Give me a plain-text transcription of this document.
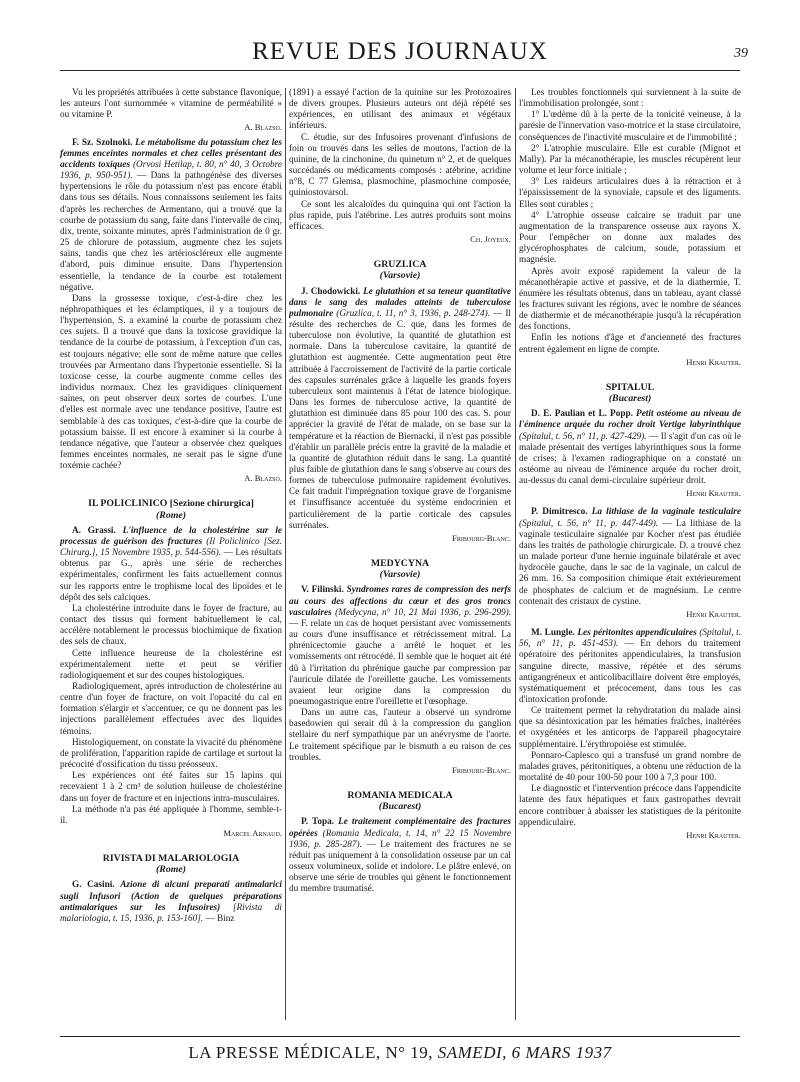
REVUE DES JOURNAUX	39

Vu les propriétés attribuées à cette substance flavonique, les auteurs l'ont surnommée « vitamine de perméabilité » ou vitamine P.

A. Blazso.

F. Sz. Szolnoki. Le métabolisme du potassium chez les femmes enceintes normales et chez celles présentant des accidents toxiques (Orvosi Hetilap, t. 80, n° 40, 3 Octobre 1936, p. 950-951). — Dans la pathogénèse des diverses hypertensions le rôle du potassium n'est pas encore établi dans tous ses détails. Nous connaissons seulement les faits d'après les recherches de Armentano, qui a trouvé que la courbe de potassium du sang, faite dans l'intervalle de cinq, dix, trente, soixante minutes, après l'administration de 0 gr. 25 de chlorure de potassium, augmente chez les sujets sains, tandis que chez les artérioscléreux elle augmente d'abord, puis diminue ensuite. Dans l'hypertension essentielle, la tendance de la courbe est totalement négative.

Dans la grossesse toxique, c'est-à-dire chez les néphropathiques et les éclamptiques, il y a toujours de l'hypertension, S. a examiné la courbe de potassium chez ces sujets. Il a trouvé que dans la toxicose gravidique la tendance de la courbe de potassium, à l'exception d'un cas, est toujours négative; elle sont de même nature que celles trouvées par Armentano dans l'hypertonie essentielle. Si la toxicose cesse, la courbe augmente comme celles des individus normaux. Chez les gravidiques cliniquement saines, on peut observer deux sortes de courbes. L'une d'elles est normale avec une tendance positive, l'autre est semblable à des cas toxiques, c'est-à-dire que la courbe de potassium baisse. Il est encore à examiner si la courbe à tendance négative, que l'auteur a observée chez quelques femmes enceintes normales, ne serait pas le signe d'une toxémie cachée?

A. Blazso.
IL POLICLINICO [Sezione chirurgica]
(Rome)

A. Grassi. L'influence de la cholestérine sur le processus de guérison des fractures (Il Policlinico [Sez. Chirurg.], 15 Novembre 1935, p. 544-556). — Les résultats obtenus par G., après une série de recherches expérimentales, confirment les faits actuellement connus sur les rapports entre le trophisme local des lipoïdes et le dépôt des sels calciques.

La cholestérine introduite dans le foyer de fracture, au contact des tissus qui forment habituellement le cal, accélère notablement le processus biochimique de fixation des sels de chaux.

Cette influence heureuse de la cholestérine est expérimentalement nette et peut se vérifier radiologiquement et sur des coupes histologiques.

Radiologiquement, après introduction de cholestérine au centre d'un foyer de fracture, on voit l'opacité du cal en formation s'élargir et s'accentuer, ce qu ne donnent pas les injections parallèlement effectuées avec des liquides témoins.

Histologiquement, on constate la vivacité du phénomène de prolifération, l'apparition rapide de cartilage et surtout la précocité d'ossification du tissu préosseux.

Les expériences ont été faites sur 15 lapins qui recevaient 1 à 2 cm³ de solution huileuse de cholestérine dans un foyer de fracture et en injections intra-musculaires.

La méthode n'a pas été appliquée à l'homme, semble-t-il.

Marcel Arnaud.
RIVISTA DI MALARIOLOGIA
(Rome)

G. Casini. Azione di alcuni preparati antimalarici sugli Infusori (Action de quelques préparations antimalariques sur les Infusoires) [Rivista di malariologia, t. 15, 1936, p. 153-160]. — Binz

(1891) a essayé l'action de la quinine sur les Protozoaires de divers groupes. Plusieurs auteurs ont déjà répété ses expériences, en utilisant des animaux et végétaux inférieurs.

C. étudie, sur des Infusoires provenant d'infusions de foin ou trouvés dans les selles de moutons, l'action de la quinine, de la cinchonine, du quinetum n° 2, et de quelques succédanés ou médicaments composés : atébrine, acridine n°8, C 77 Glemsa, plasmochine, plasmochine composée, quiniostovarsol.

Ce sont les alcaloïdes du quinquina qui ont l'action la plus rapide, puis l'atébrine. Les autres produits sont moins efficaces.

Ch. Joyeux.
GRUZLICA
(Varsovie)

J. Chodowicki. Le glutathion et sa teneur quantitative dans le sang des malades atteints de tuberculose pulmonaire (Gruzlica, t. 11, n° 3, 1936, p. 248-274). — Il résulte des recherches de C. que, dans les formes de tuberculose non évolutive, la quantité de glutathion est normale. Dans la tuberculose cavitaire, la quantité de glutathion est augmentée. Cette augmentation peut être attribuée à l'accroissement de l'activité de la partie corticale des capsules surrénales grâce à laquelle les grands foyers tuberculeux sont maintenus à l'état de latence biologique. Dans les formes de tuberculose active, la quantité de glutathion est diminuée dans 85 pour 100 des cas. S. pour apprécier la gravité de l'état de malade, on se base sur la température et la réaction de Biernacki, il n'est pas possible d'établir un parallèle précis entre la gravité de la maladie et la quantité de glutathion réduit dans le sang. La quantité plus faible de glutathion dans le sang s'observe au cours des formes de tuberculose pulmonaire rapidement évolutives. Ce fait traduit l'imprégnation toxique grave de l'organisme et l'insuffisance accentuée du système endocrinien et particulièrement de la partie corticale des capsules surrénales.

Fribourg-Blanc.
MEDYCYNA
(Varsovie)

V. Filinski. Syndromes rares de compression des nerfs au cours des affections du cœur et des gros troncs vasculaires (Medycyna, n° 10, 21 Mai 1936, p. 296-299). — F. relate un cas de hoquet persistant avec vomissements au cours d'une insuffisance et rétrécissement mitral. La phrénicectomie gauche a arrêté le hoquet et les vomissements ont rétrocédé. Il semble que le hoquet ait été dû à l'irritation du phrénique gauche par compression par l'auricule dilatée de l'oreillette gauche. Les vomissements avaient leur origine dans la compression du pneumogastrique entre l'oreillette et l'œsophage.

Dans un autre cas, l'auteur a observé un syndrome basedowien qui serait dû à la compression du ganglion stellaire du nerf sympathique par un anévrysme de l'aorte. Le traitement spécifique par le bismuth a eu raison de ces troubles.

Fribourg-Blanc.
ROMANIA MEDICALA
(Bucarest)

P. Topa. Le traitement complémentaire des fractures opérées (Romania Medicala, t. 14, n° 22 15 Novembre 1936, p. 285-287). — Le traitement des fractures ne se réduit pas uniquement à la consolidation osseuse par un cal osseux volumineux, solide et indolore. Le plâtre enlevé, on observe une série de troubles qui gênent le fonctionnement du membre traumatisé.

Les troubles fonctionnels qui surviennent à la suite de l'immobilisation prolongée, sont :

1° L'œdème dû à la perte de la tonicité veineuse, à la parésie de l'innervation vaso-motrice et la stase circulatoire, conséquences de l'inactivité musculaire et de l'immobilité ;

2° L'atrophie musculaire. Elle est curable (Mignot et Mally). Par la mécanothérapie, les muscles récupèrent leur volume et leur force initiale ;

3° Les raideurs articulaires dues à la rétraction et à l'épaississement de la synoviale, capsule et des ligaments. Elles sont curables ;

4° L'atrophie osseuse calcaire se traduit par une augmentation de la transparence osseuse aux rayons X. Pour l'empêcher on donne aux malades des glycérophosphates de calcium, soude, potassium et magnésie.

Après avoir exposé rapidement la valeur de la mécanothérapie active et passive, et de la diathermie, T. énumère les résultats obtenus, dans un tableau, ayant classé les fractures suivant les régions, avec le nombre de séances de diathermie et de mécanothérapie jusqu'à la récupération des fonctions.

Enfin les notions d'âge et d'ancienneté des fractures entrent également en ligne de compte.

Henri Krauter.
SPITALUL
(Bucarest)

D. E. Paulian et L. Popp. Petit ostéome au niveau de l'éminence arquée du rocher droit Vertige labyrinthique (Spitalul, t. 56, n° 11, p. 427-429). — Il s'agit d'un cas où le malade présentait des vertiges labyrinthiques sous la forme de crises; à l'examen radiographique on a constaté un ostéome au niveau de l'éminence arquée du rocher droit, au-dessus du canal demi-circulaire supérieur droit.

Henri Krauter.

P. Dimitresco. La lithiase de la vaginale testiculaire (Spitalul, t. 56, n° 11, p. 447-449). — La lithiase de la vaginale testiculaire signalée par Kocher n'est pas étudiée dans les traités de pathologie chirurgicale. D. a trouvé chez un malade porteur d'une hernie inguinale bilatérale et avec hydrocèle gauche, dans le sac de la vaginale, un calcul de 26 mm. 16. Sa composition chimique était extérieurement de phosphates de calcium et de magnésium. Le centre contenait des cristaux de cystine.

Henri Krauter.

M. Lungle. Les péritonites appendiculaires (Spitalul, t. 56, n° 11, p. 451-453). — En dehors du traitement opératoire des péritonites appendiculaires, la transfusion sanguine directe, massive, répétée et des sérums antigangréneux et anticolibacillaire doivent être employés, systématiquement et précocement, dans tous les cas d'intoxication profonde.

Ce traitement permet la rehydratation du malade ainsi que sa désintoxication par les hématies fraîches, inaltérées et oxygénées et les anticorps de l'appareil phagocytaire supplémentaire. L'érythropoièse est stimulée.

Ponnaro-Caplesco qui a transfusé un grand nombre de malades graves, péritonitiques, a obtenu une réduction de la mortalité de 40 pour 100-50 pour 100 à 7,3 pour 100.

Le diagnostic et l'intervention précoce dans l'appendicite latente des faux hépatiques et faux gastropathes devrait encore contribuer à abaisser les statistiques de la péritonite appendiculaire.

Henri Krauter.
LA PRESSE MÉDICALE, N° 19, SAMEDI, 6 MARS 1937
